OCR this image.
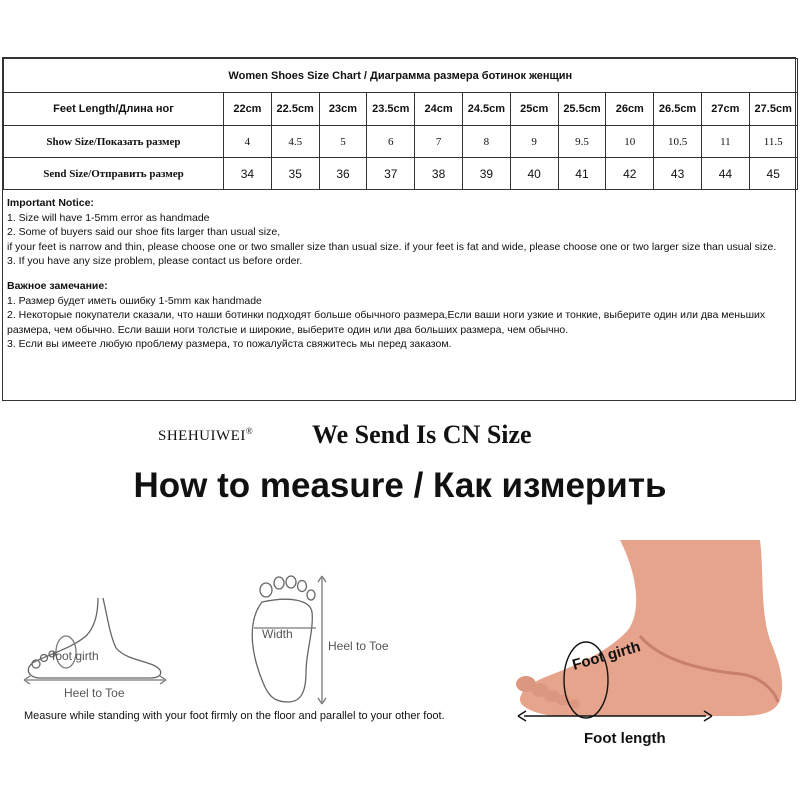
Women Shoes Size Chart / Диаграмма размера ботинок женщин												
Feet Length/Длина ног	22cm	22.5cm	23cm	23.5cm	24cm	24.5cm	25cm	25.5cm	26cm	26.5cm	27cm	27.5cm
Show Size/Показать размер	4	4.5	5	6	7	8	9	9.5	10	10.5	11	11.5
Send Size/Отправить размер	34	35	36	37	38	39	40	41	42	43	44	45
Important Notice:
1. Size will have 1-5mm error as handmade
2. Some of buyers said our shoe fits larger than usual size,
if your feet is narrow and thin, please choose one or two smaller size than usual size. if your feet is fat and wide, please choose one or two larger size than usual size.
3. If you have any size problem, please contact us before order.
Важное замечание:
1. Размер будет иметь ошибку 1-5mm как handmade
2. Некоторые покупатели сказали, что наши ботинки подходят больше обычного размера,Если ваши ноги узкие и тонкие, выберите один или два меньших размера, чем обычно. Если ваши ноги толстые и широкие, выберите один или два больших размера, чем обычно.
3. Если вы имеете любую проблему размера, то пожалуйста свяжитесь мы перед заказом.
SHEHUIWEI® We Send Is CN Size
How to measure / Как измерить
foot girth
Heel to Toe
Width
Heel to Toe	Foot girth
Foot length
Measure while standing with your foot firmly on the floor and parallel to your other foot.
